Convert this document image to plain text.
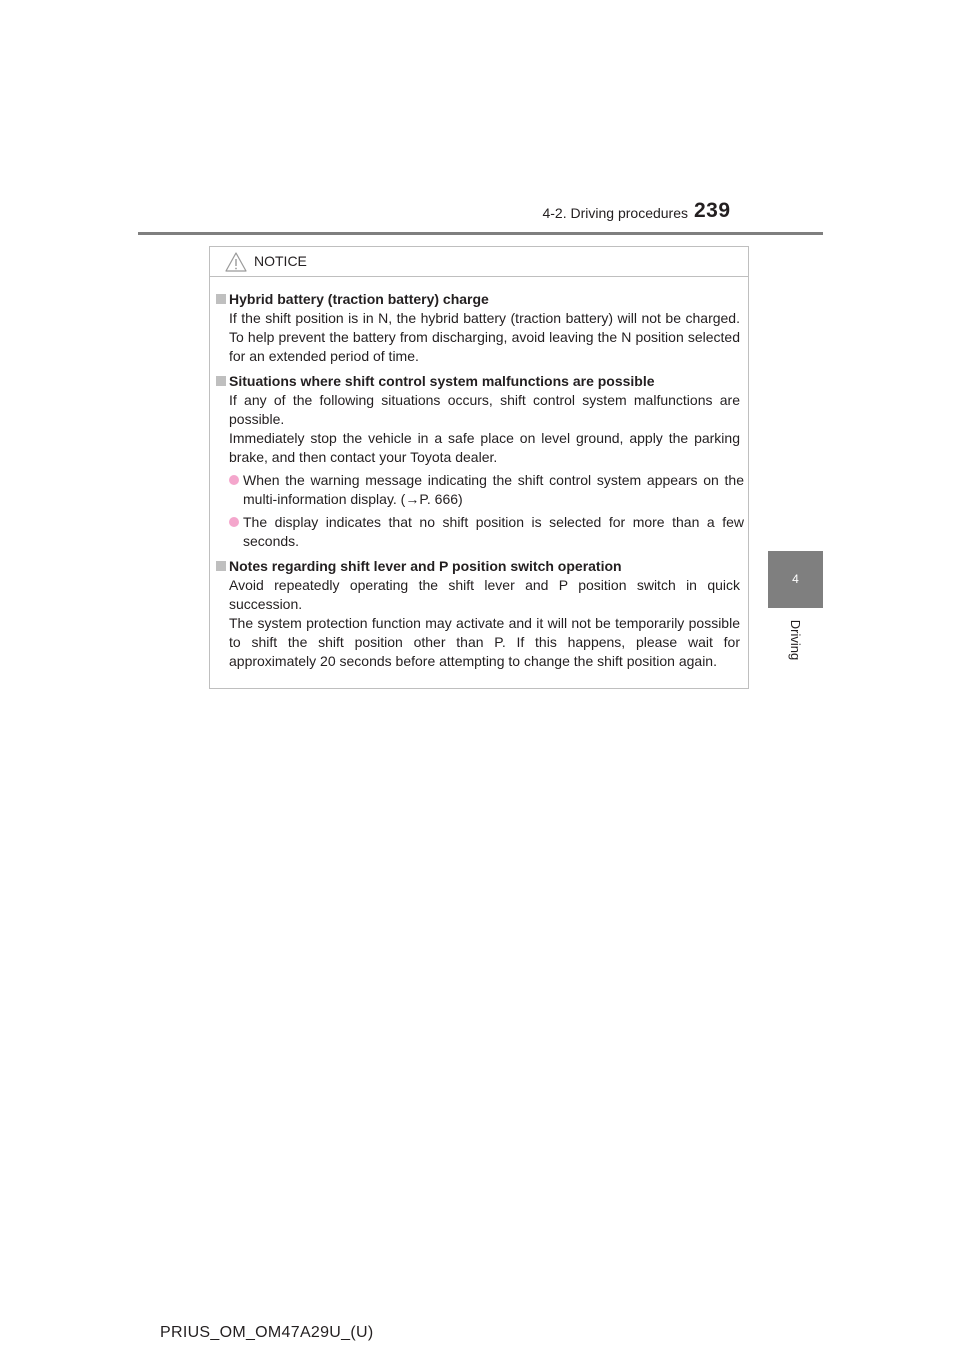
4-2. Driving procedures 239
4
Driving
NOTICE
Hybrid battery (traction battery) charge

If the shift position is in N, the hybrid battery (traction battery) will not be charged. To help prevent the battery from discharging, avoid leaving the N position selected for an extended period of time.

Situations where shift control system malfunctions are possible

If any of the following situations occurs, shift control system malfunctions are possible.

Immediately stop the vehicle in a safe place on level ground, apply the parking brake, and then contact your Toyota dealer.

When the warning message indicating the shift control system appears on the multi-information display. (→P. 666)
The display indicates that no shift position is selected for more than a few seconds.
Notes regarding shift lever and P position switch operation

Avoid repeatedly operating the shift lever and P position switch in quick succession.

The system protection function may activate and it will not be temporarily possible to shift the shift position other than P. If this happens, please wait for approximately 20 seconds before attempting to change the shift position again.

PRIUS_OM_OM47A29U_(U)
